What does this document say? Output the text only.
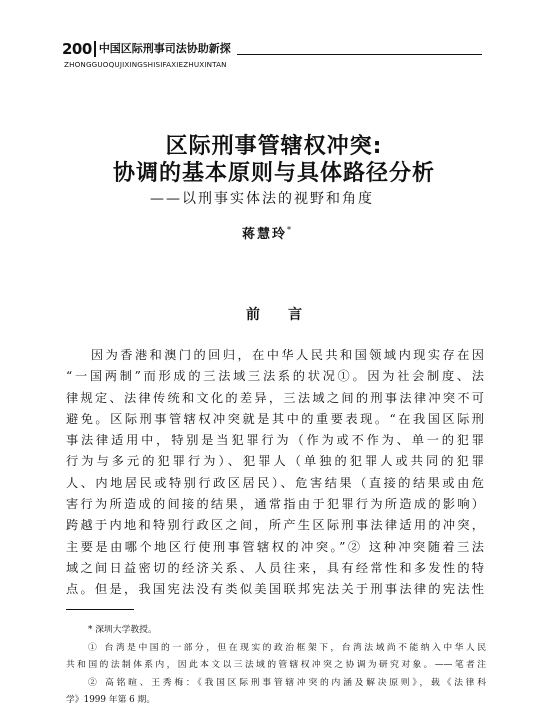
200 中国区际刑事司法协助新探
ZHONGGUOQUJIXINGSHISIFAXIEZHUXINTAN
区际刑事管辖权冲突:
协调的基本原则与具体路径分析
——以刑事实体法的视野和角度
蒋慧玲*
前言
因为香港和澳门的回归，在中华人民共和国领域内现实存在因
“一国两制”而形成的三法域三法系的状况①。因为社会制度、法
律规定、法律传统和文化的差异，三法域之间的刑事法律冲突不可
避免。区际刑事管辖权冲突就是其中的重要表现。“在我国区际刑
事法律适用中，特别是当犯罪行为（作为或不作为、单一的犯罪
行为与多元的犯罪行为）、犯罪人（单独的犯罪人或共同的犯罪
人、内地居民或特别行政区居民）、危害结果（直接的结果或由危
害行为所造成的间接的结果，通常指由于犯罪行为所造成的影响）
跨越于内地和特别行政区之间，所产生区际刑事法律适用的冲突，
主要是由哪个地区行使刑事管辖权的冲突。”② 这种冲突随着三法
域之间日益密切的经济关系、人员往来，具有经常性和多发性的特
点。但是，我国宪法没有类似美国联邦宪法关于刑事法律的宪法性
* 深圳大学教授。
① 台湾是中国的一部分，但在现实的政治框架下，台湾法域尚不能纳入中华人民
共和国的法制体系内，因此本文以三法域的管辖权冲突之协调为研究对象。——笔者注
② 高铭暄、王秀梅：《我国区际刑事管辖冲突的内涵及解决原则》，载《法律科
学》1999 年第 6 期。
